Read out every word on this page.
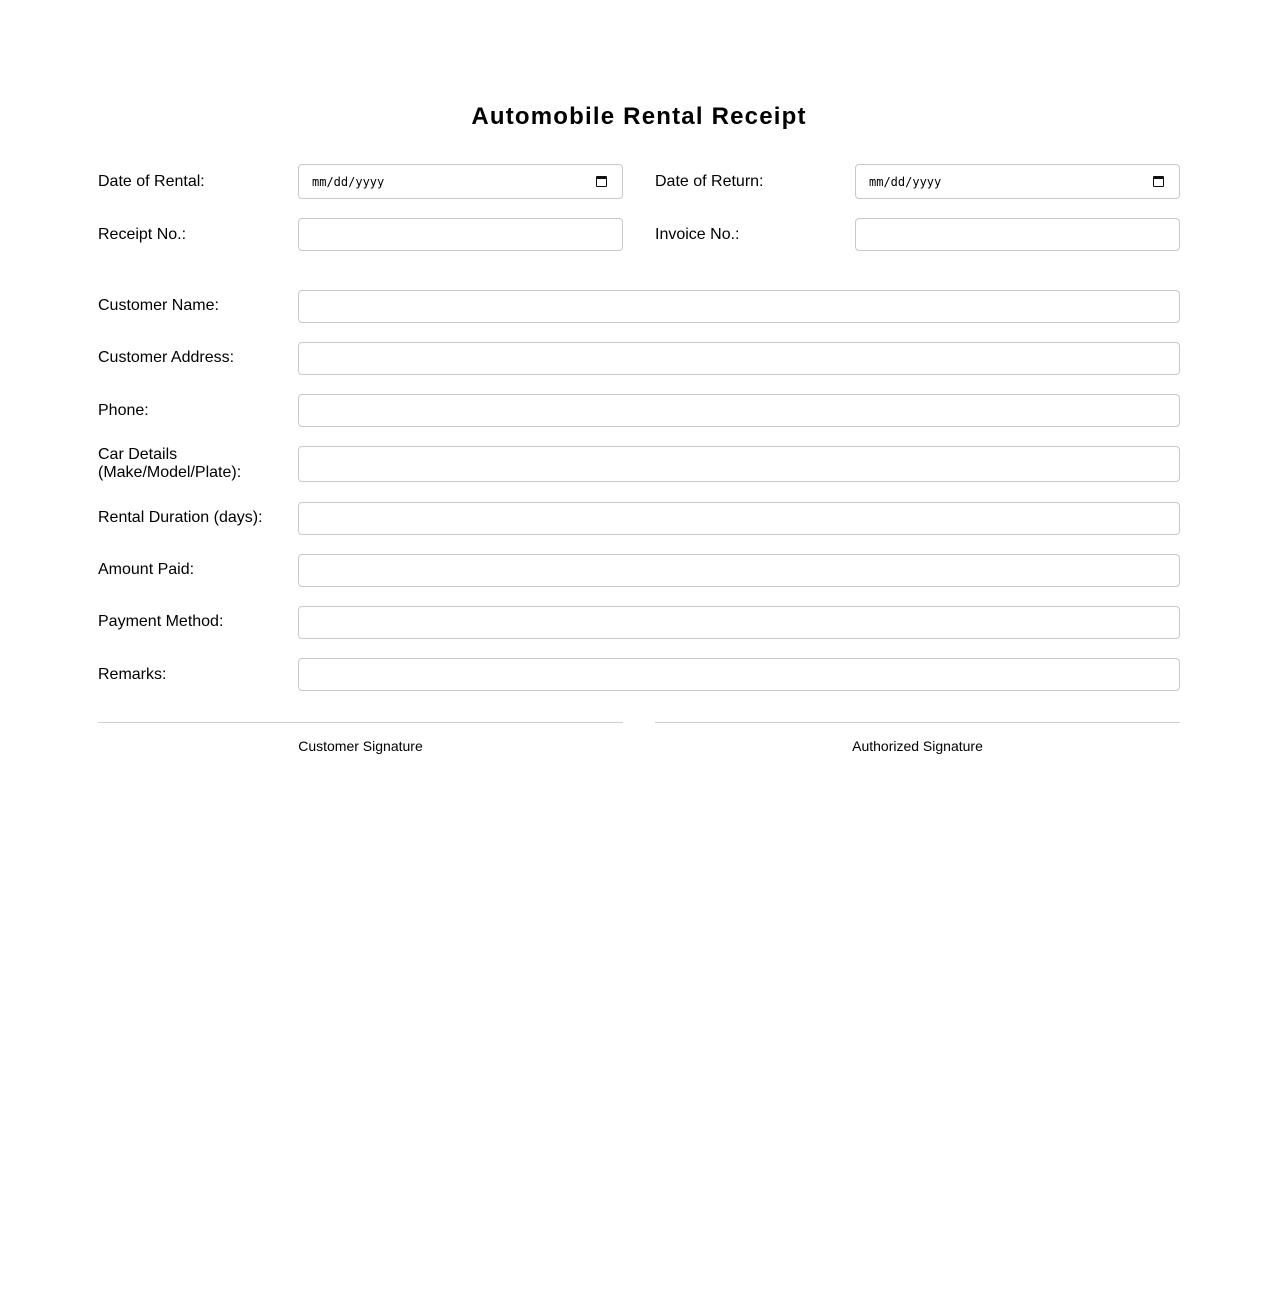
Automobile Rental Receipt
Date of Rental:	mm/dd/yyyy	Date of Return:	mm/dd/yyyy
Receipt No.:	Invoice No.:
Customer Name:
Customer Address:
Phone:
Car Details
(Make/Model/Plate):
Rental Duration (days):
Amount Paid:
Payment Method:
Remarks:
Customer Signature	Authorized Signature
